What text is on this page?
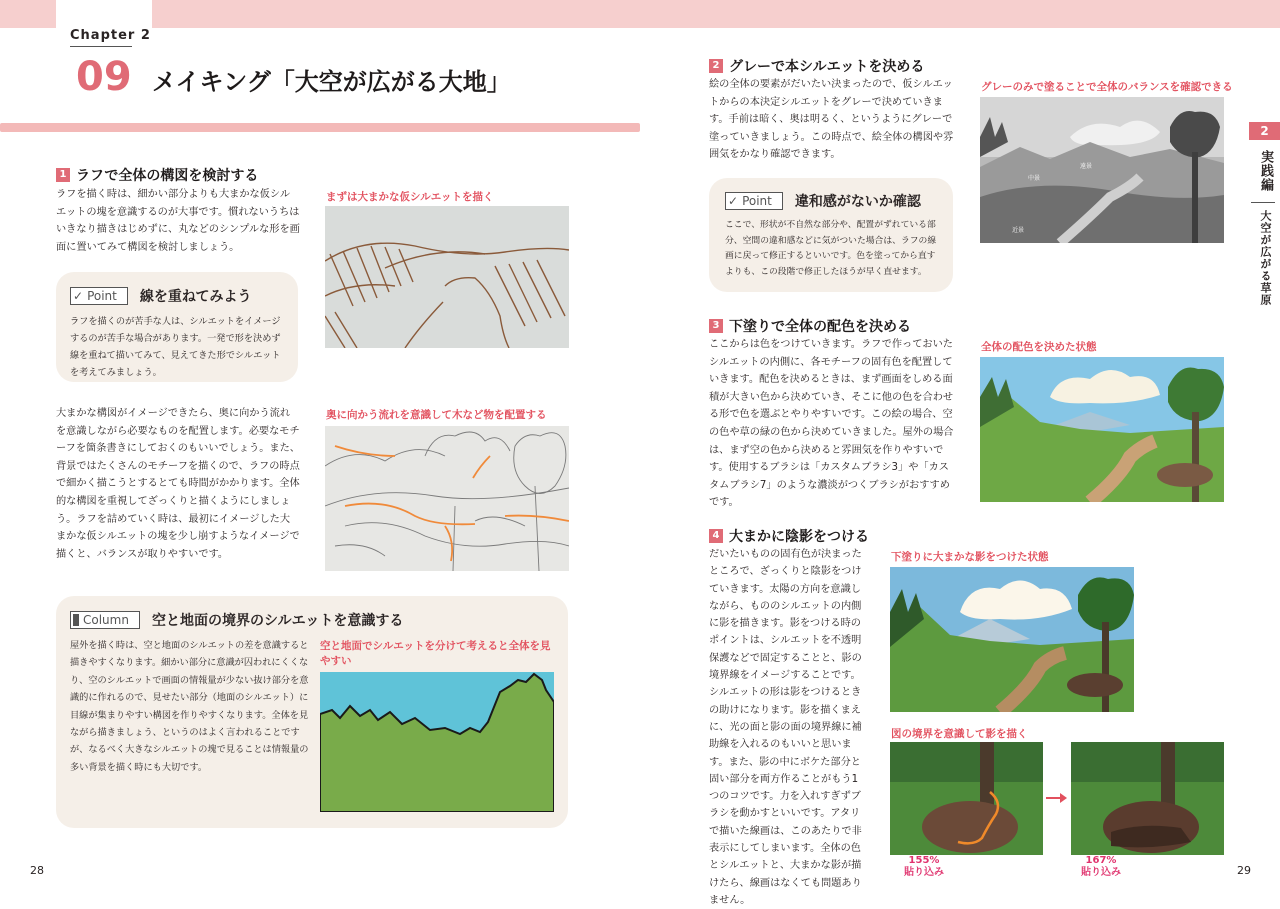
Chapter 2
09 メイキング「大空が広がる大地」
1 ラフで全体の構図を検討する
ラフを描く時は、細かい部分よりも大まかな仮シルエットの塊を意識するのが大事です。慣れないうちはいきなり描きはじめずに、丸などのシンプルな形を画面に置いてみて構図を検討しましょう。
まずは大まかな仮シルエットを描く
✓ Point 線を重ねてみよう
ラフを描くのが苦手な人は、シルエットをイメージするのが苦手な場合があります。一発で形を決めず線を重ねて描いてみて、見えてきた形でシルエットを考えてみましょう。
大まかな構図がイメージできたら、奥に向かう流れを意識しながら必要なものを配置します。必要なモチーフを箇条書きにしておくのもいいでしょう。また、背景ではたくさんのモチーフを描くので、ラフの時点で細かく描こうとするとても時間がかかります。全体的な構図を重視してざっくりと描くようにしましょう。ラフを詰めていく時は、最初にイメージした大まかな仮シルエットの塊を少し崩すようなイメージで描くと、バランスが取りやすいです。
奥に向かう流れを意識して木など物を配置する
Column 空と地面の境界のシルエットを意識する
屋外を描く時は、空と地面のシルエットの差を意識すると描きやすくなります。細かい部分に意識が囚われにくくなり、空のシルエットで画面の情報量が少ない抜け部分を意識的に作れるので、見せたい部分（地面のシルエット）に目線が集まりやすい構図を作りやすくなります。全体を見ながら描きましょう、というのはよく言われることですが、なるべく大きなシルエットの塊で見ることは情報量の多い背景を描く時にも大切です。
空と地面でシルエットを分けて考えると全体を見やすい
28
2 グレーで本シルエットを決める
絵の全体の要素がだいたい決まったので、仮シルエットからの本決定シルエットをグレーで決めていきます。手前は暗く、奥は明るく、というようにグレーで塗っていきましょう。この時点で、絵全体の構図や雰囲気をかなり確認できます。
グレーのみで塗ることで全体のバランスを確認できる
遠景
中景
近景
✓ Point 違和感がないか確認
ここで、形状が不自然な部分や、配置がずれている部分、空間の違和感などに気がついた場合は、ラフの線画に戻って修正するといいです。色を塗ってから直すよりも、この段階で修正したほうが早く直せます。
3 下塗りで全体の配色を決める
ここからは色をつけていきます。ラフで作っておいたシルエットの内側に、各モチーフの固有色を配置していきます。配色を決めるときは、まず画面をしめる面積が大きい色から決めていき、そこに他の色を合わせる形で色を選ぶとやりやすいです。この絵の場合、空の色や草の緑の色から決めていきました。屋外の場合は、まず空の色から決めると雰囲気を作りやすいです。使用するブラシは「カスタムブラシ3」や「カスタムブラシ7」のような濃淡がつくブラシがおすすめです。
全体の配色を決めた状態
4 大まかに陰影をつける
だいたいものの固有色が決まったところで、ざっくりと陰影をつけていきます。太陽の方向を意識しながら、もののシルエットの内側に影を描きます。影をつける時のポイントは、シルエットを不透明保護などで固定することと、影の境界線をイメージすることです。シルエットの形は影をつけるときの助けになります。影を描くまえに、光の面と影の面の境界線に補助線を入れるのもいいと思います。また、影の中にボケた部分と固い部分を両方作ることがもう1つのコツです。力を入れすぎずブラシを動かすといいです。アタリで描いた線画は、このあたりで非表示にしてしまいます。全体の色とシルエットと、大まかな影が描けたら、線画はなくても問題ありません。
下塗りに大まかな影をつけた状態
図の境界を意識して影を描く
155%
貼り込み
167%
貼り込み
2
実践編
大空が広がる草原
29
